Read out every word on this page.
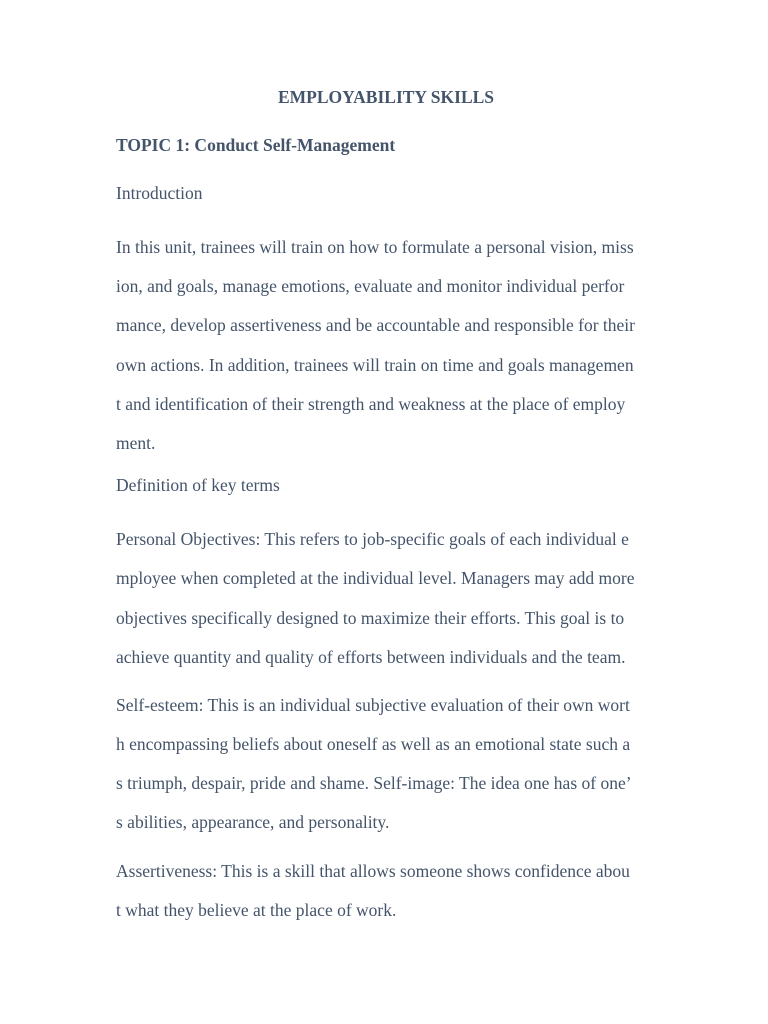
EMPLOYABILITY SKILLS
TOPIC 1: Conduct Self-Management
Introduction
In this unit, trainees will train on how to formulate a personal vision, miss
ion, and goals, manage emotions, evaluate and monitor individual perfor
mance, develop assertiveness and be accountable and responsible for their
own actions. In addition, trainees will train on time and goals managemen
t and identification of their strength and weakness at the place of employ
ment.
Definition of key terms
Personal Objectives: This refers to job-specific goals of each individual e
mployee when completed at the individual level. Managers may add more
objectives specifically designed to maximize their efforts. This goal is to
achieve quantity and quality of efforts between individuals and the team.
Self-esteem: This is an individual subjective evaluation of their own wort
h encompassing beliefs about oneself as well as an emotional state such a
s triumph, despair, pride and shame. Self-image: The idea one has of one’
s abilities, appearance, and personality.
Assertiveness: This is a skill that allows someone shows confidence abou
t what they believe at the place of work.
